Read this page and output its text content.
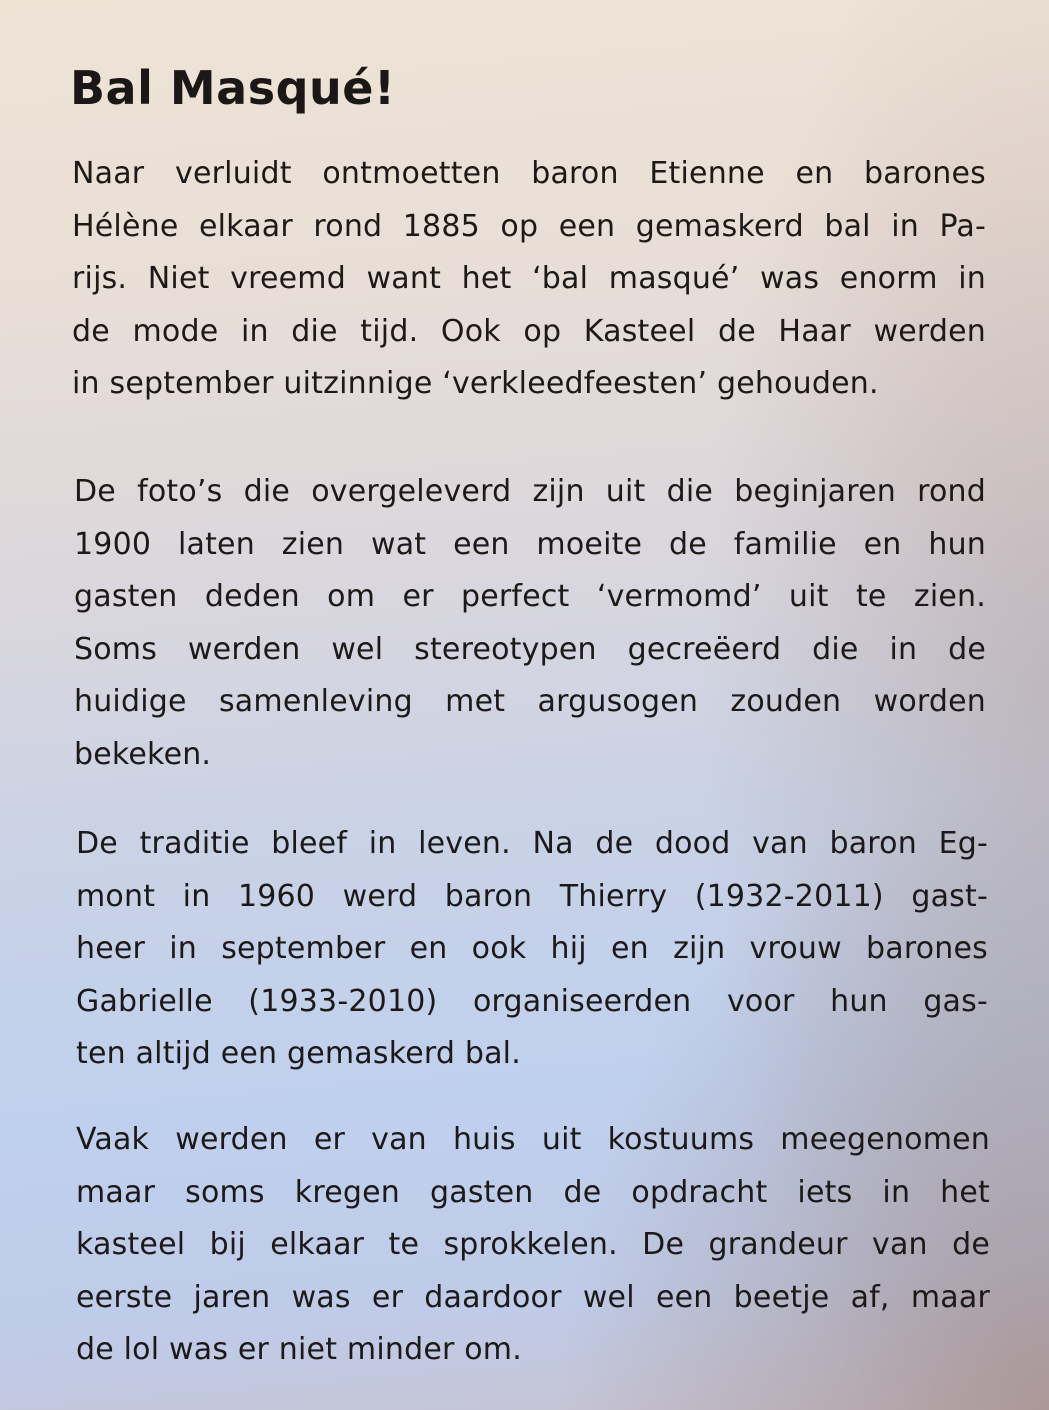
Bal Masqué!

Naar verluidt ontmoetten baron Etienne en barones
Hélène elkaar rond 1885 op een gemaskerd bal in Pa-
rijs. Niet vreemd want het ‘bal masqué’ was enorm in
de mode in die tijd. Ook op Kasteel de Haar werden
in september uitzinnige ‘verkleedfeesten’ gehouden.

De foto’s die overgeleverd zijn uit die beginjaren rond
1900 laten zien wat een moeite de familie en hun
gasten deden om er perfect ‘vermomd’ uit te zien.
Soms werden wel stereotypen gecreëerd die in de
huidige samenleving met argusogen zouden worden
bekeken.

De traditie bleef in leven. Na de dood van baron Eg-
mont in 1960 werd baron Thierry (1932-2011) gast-
heer in september en ook hij en zijn vrouw barones
Gabrielle (1933-2010) organiseerden voor hun gas-
ten altijd een gemaskerd bal.

Vaak werden er van huis uit kostuums meegenomen
maar soms kregen gasten de opdracht iets in het
kasteel bij elkaar te sprokkelen. De grandeur van de
eerste jaren was er daardoor wel een beetje af, maar
de lol was er niet minder om.
